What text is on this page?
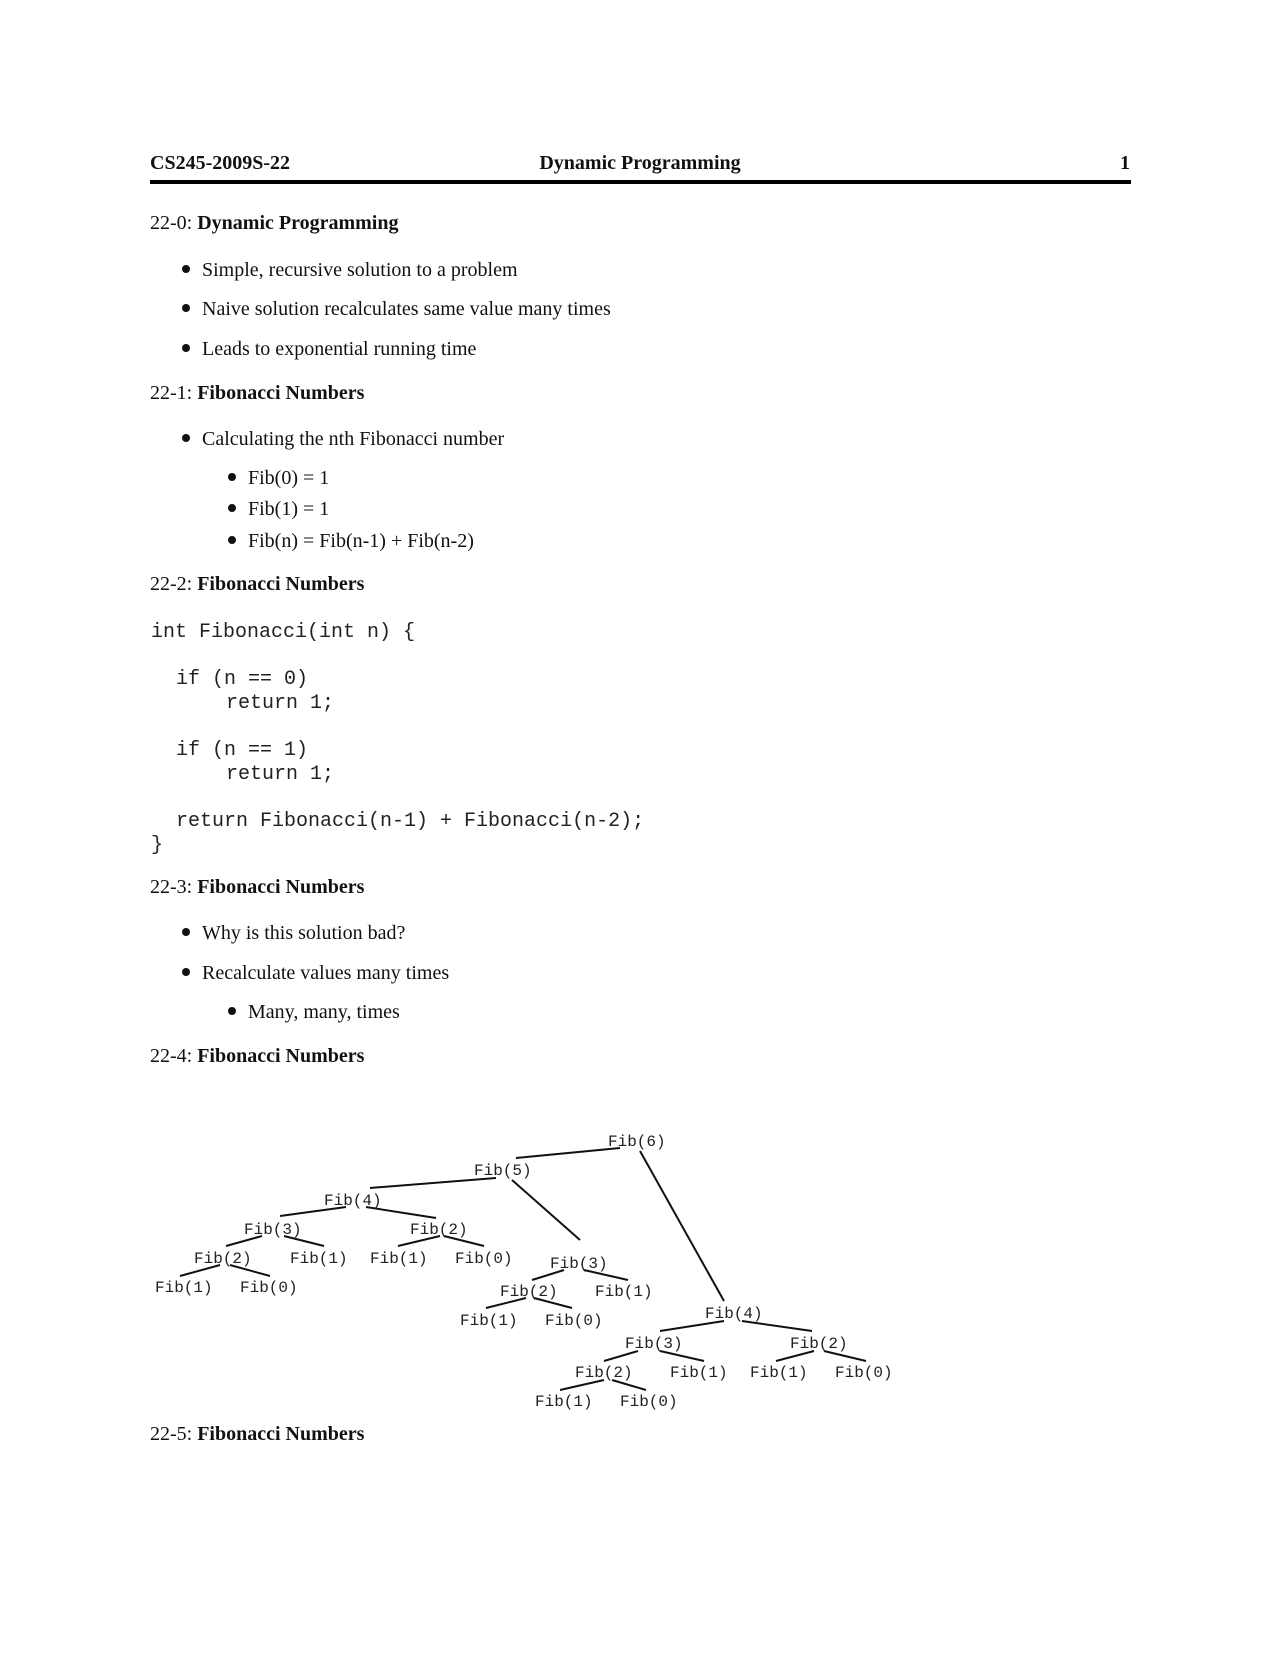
CS245-2009S-22	Dynamic Programming	1
22-0: Dynamic Programming
Simple, recursive solution to a problem
Naive solution recalculates same value many times
Leads to exponential running time
22-1: Fibonacci Numbers
Calculating the nth Fibonacci number
Fib(0) = 1
Fib(1) = 1
Fib(n) = Fib(n-1) + Fib(n-2)
22-2: Fibonacci Numbers
int Fibonacci(int n) {
if (n == 0)
return 1;
if (n == 1)
return 1;
return Fibonacci(n-1) + Fibonacci(n-2);
}
22-3: Fibonacci Numbers
Why is this solution bad?
Recalculate values many times
Many, many, times
22-4: Fibonacci Numbers
Fib(6)
Fib(5)
Fib(4)
Fib(3)	Fib(2)
Fib(2) Fib(1) Fib(1) Fib(0)
Fib(1) Fib(0)
Fib(3)
Fib(2) Fib(1)
Fib(1) Fib(0)	Fib(4)
Fib(3)	Fib(2)
Fib(2) Fib(1) Fib(1) Fib(0)
Fib(1) Fib(0)
22-5: Fibonacci Numbers
